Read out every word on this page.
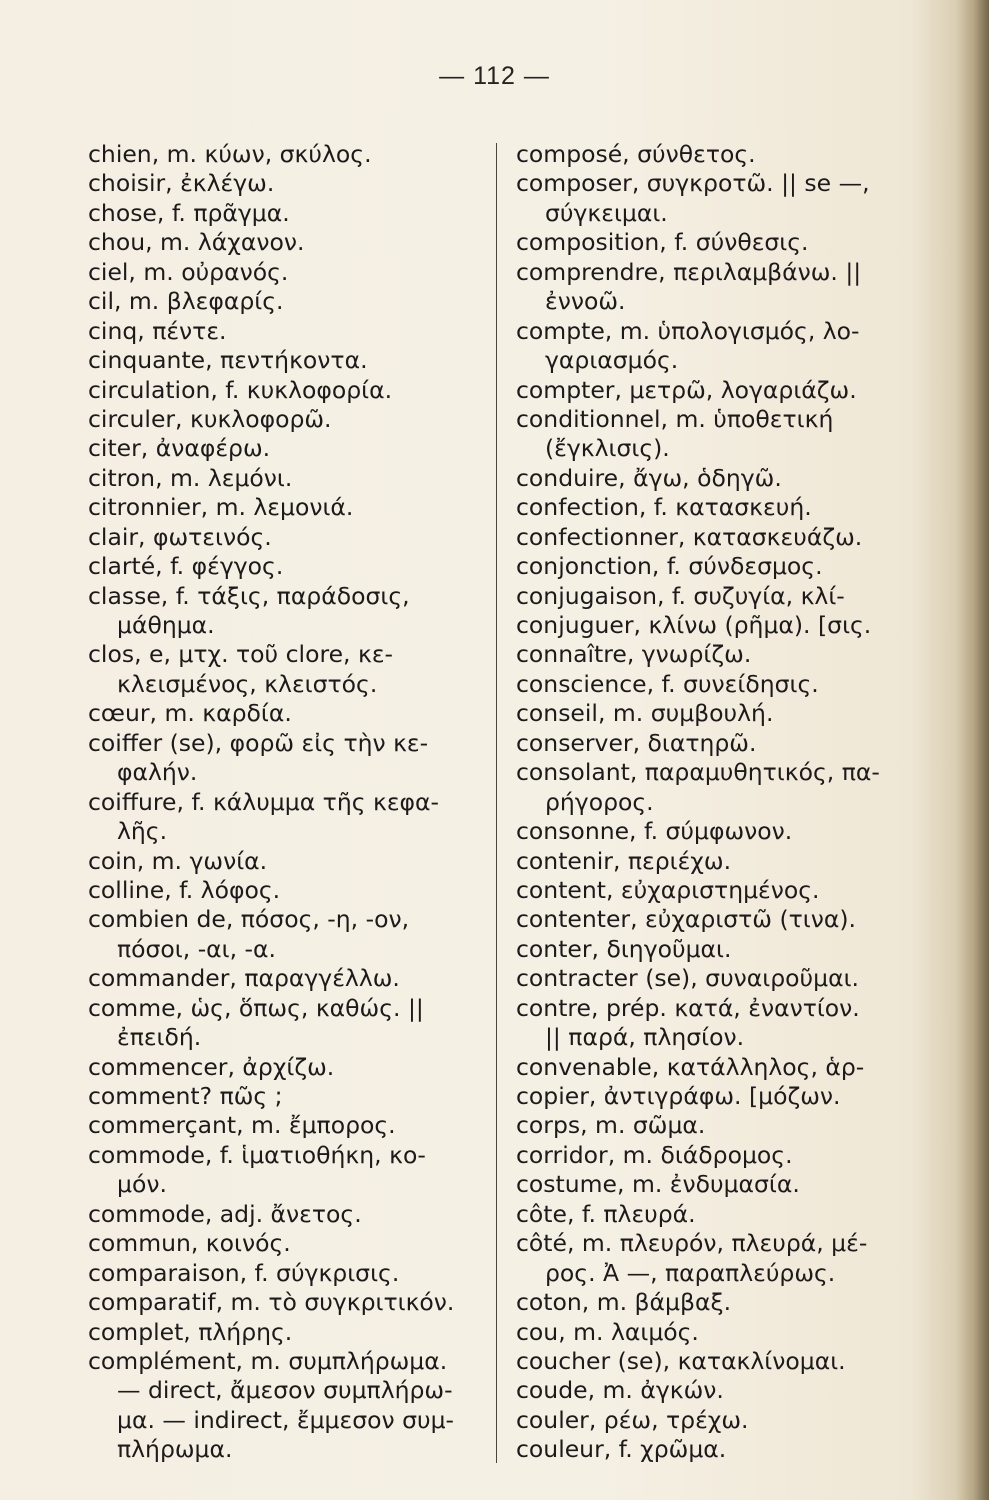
— 112 —
chien, m. κύων, σκύλος.
choisir, ἐκλέγω.
chose, f. πρᾶγμα.
chou, m. λάχανον.
ciel, m. οὐρανός.
cil, m. βλεφαρίς.
cinq, πέντε.
cinquante, πεντήκοντα.
circulation, f. κυκλοφορία.
circuler, κυκλοφορῶ.
citer, ἀναφέρω.
citron, m. λεμόνι.
citronnier, m. λεμονιά.
clair, φωτεινός.
clarté, f. φέγγος.
classe, f. τάξις, παράδοσις,
μάθημα.
clos, e, μτχ. τοῦ clore, κε-
κλεισμένος, κλειστός.
cœur, m. καρδία.
coiffer (se), φορῶ εἰς τὴν κε-
φαλήν.
coiffure, f. κάλυμμα τῆς κεφα-
λῆς.
coin, m. γωνία.
colline, f. λόφος.
combien de, πόσος, -η, -ον,
πόσοι, -αι, -α.
commander, παραγγέλλω.
comme, ὡς, ὅπως, καθώς. ||
ἐπειδή.
commencer, ἀρχίζω.
comment? πῶς ;
commerçant, m. ἔμπορος.
commode, f. ἱματιοθήκη, κο-
μόν.
commode, adj. ἄνετος.
commun, κοινός.
comparaison, f. σύγκρισις.
comparatif, m. τὸ συγκριτικόν.
complet, πλήρης.
complément, m. συμπλήρωμα.
— direct, ἄμεσον συμπλήρω-
μα. — indirect, ἔμμεσον συμ-
πλήρωμα.
composé, σύνθετος.
composer, συγκροτῶ. || se —,
σύγκειμαι.
composition, f. σύνθεσις.
comprendre, περιλαμβάνω. ||
ἐννοῶ.
compte, m. ὑπολογισμός, λο-
γαριασμός.
compter, μετρῶ, λογαριάζω.
conditionnel, m. ὑποθετική
(ἔγκλισις).
conduire, ἄγω, ὁδηγῶ.
confection, f. κατασκευή.
confectionner, κατασκευάζω.
conjonction, f. σύνδεσμος.
conjugaison, f. συζυγία, κλί-
conjuguer, κλίνω (ρῆμα). [σις.
connaître, γνωρίζω.
conscience, f. συνείδησις.
conseil, m. συμβουλή.
conserver, διατηρῶ.
consolant, παραμυθητικός, πα-
ρήγορος.
consonne, f. σύμφωνον.
contenir, περιέχω.
content, εὐχαριστημένος.
contenter, εὐχαριστῶ (τινα).
conter, διηγοῦμαι.
contracter (se), συναιροῦμαι.
contre, prép. κατά, ἐναντίον.
|| παρά, πλησίον.
convenable, κατάλληλος, ἁρ-
copier, ἀντιγράφω. [μόζων.
corps, m. σῶμα.
corridor, m. διάδρομος.
costume, m. ἐνδυμασία.
côte, f. πλευρά.
côté, m. πλευρόν, πλευρά, μέ-
ρος. Ἀ —, παραπλεύρως.
coton, m. βάμβαξ.
cou, m. λαιμός.
coucher (se), κατακλίνομαι.
coude, m. ἀγκών.
couler, ρέω, τρέχω.
couleur, f. χρῶμα.
